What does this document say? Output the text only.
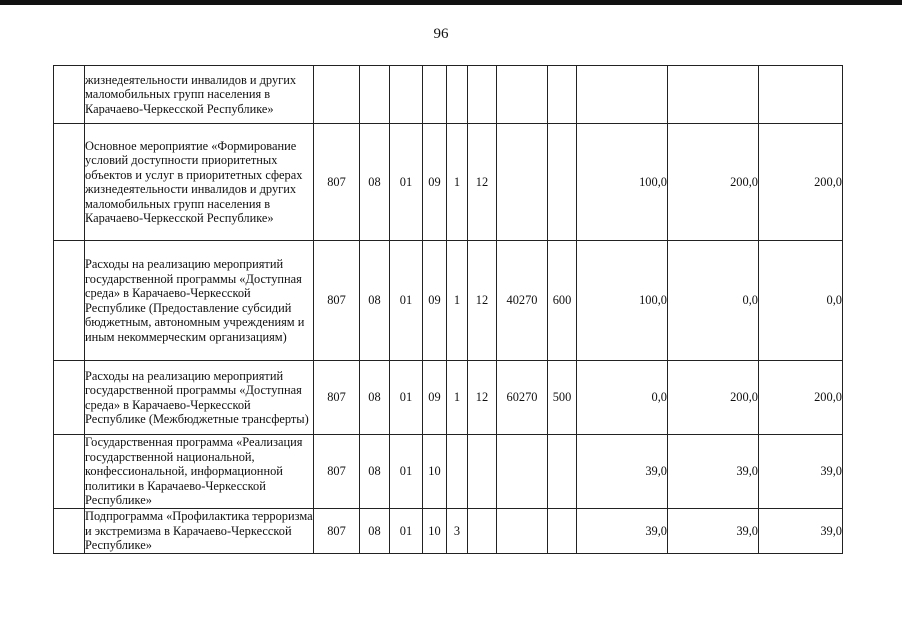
96
	жизнедеятельности инвалидов и других маломобильных групп населения в Карачаево-Черкесской Республике»											
	Основное мероприятие «Формирование условий доступности приоритетных объектов и услуг в приоритетных сферах жизнедеятельности инвалидов и других маломобильных групп населения в Карачаево-Черкесской Республике»	807	08	01	09	1	12			100,0	200,0	200,0
	Расходы на реализацию мероприятий государственной программы «Доступная среда» в Карачаево-Черкесской Республике (Предоставление субсидий бюджетным, автономным учреждениям и иным некоммерческим организациям)	807	08	01	09	1	12	40270	600	100,0	0,0	0,0
	Расходы на реализацию мероприятий государственной программы «Доступная среда» в Карачаево-Черкесской Республике (Межбюджетные трансферты)	807	08	01	09	1	12	60270	500	0,0	200,0	200,0
	Государственная программа «Реализация государственной национальной, конфессиональной, информационной политики в Карачаево-Черкесской Республике»	807	08	01	10					39,0	39,0	39,0
	Подпрограмма «Профилактика терроризма и экстремизма в Карачаево-Черкесской Республике»	807	08	01	10	3				39,0	39,0	39,0
